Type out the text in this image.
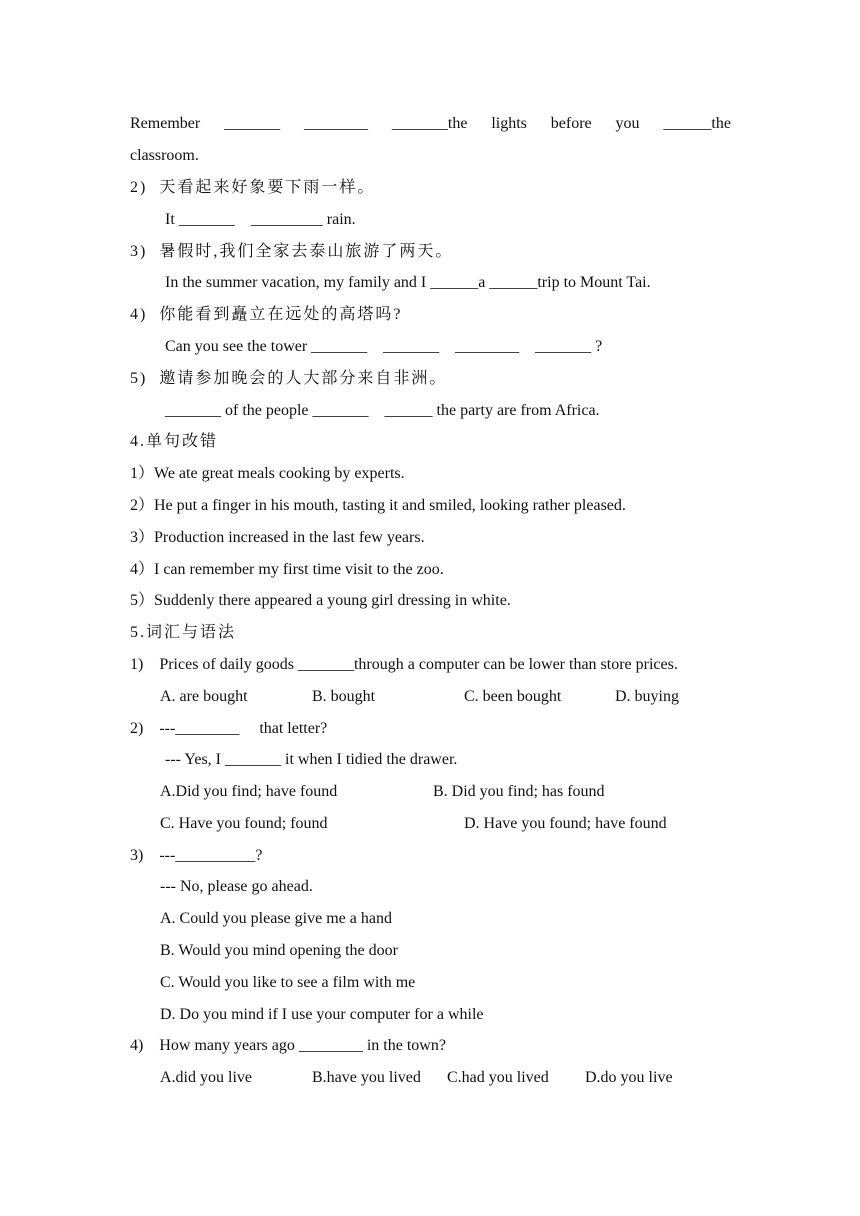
Remember _______ ________ _______the lights before you ______the
classroom.
2)  天看起来好象要下雨一样。
It _______    _________ rain.
3)  暑假时,我们全家去泰山旅游了两天。
In the summer vacation, my family and I ______a ______trip to Mount Tai.
4)  你能看到矗立在远处的高塔吗?
Can you see the tower _______    _______    ________    _______ ?
5)  邀请参加晚会的人大部分来自非洲。
_______ of the people _______    ______ the party are from Africa.
4.单句改错
1）We ate great meals cooking by experts.
2）He put a finger in his mouth, tasting it and smiled, looking rather pleased.
3）Production increased in the last few years.
4）I can remember my first time visit to the zoo.
5）Suddenly there appeared a young girl dressing in white.
5.词汇与语法
1)    Prices of daily goods _______through a computer can be lower than store prices.
A. are bought	B. bought	C. been bought	D. buying
2)    ---________     that letter?
--- Yes, I _______ it when I tidied the drawer.
A.Did you find; have found	B. Did you find; has found
C. Have you found; found	D. Have you found; have found
3)    ---__________?
--- No, please go ahead.
A. Could you please give me a hand
B. Would you mind opening the door
C. Would you like to see a film with me
D. Do you mind if I use your computer for a while
4)    How many years ago ________ in the town?
A.did you live	B.have you lived C.had you lived D.do you live
